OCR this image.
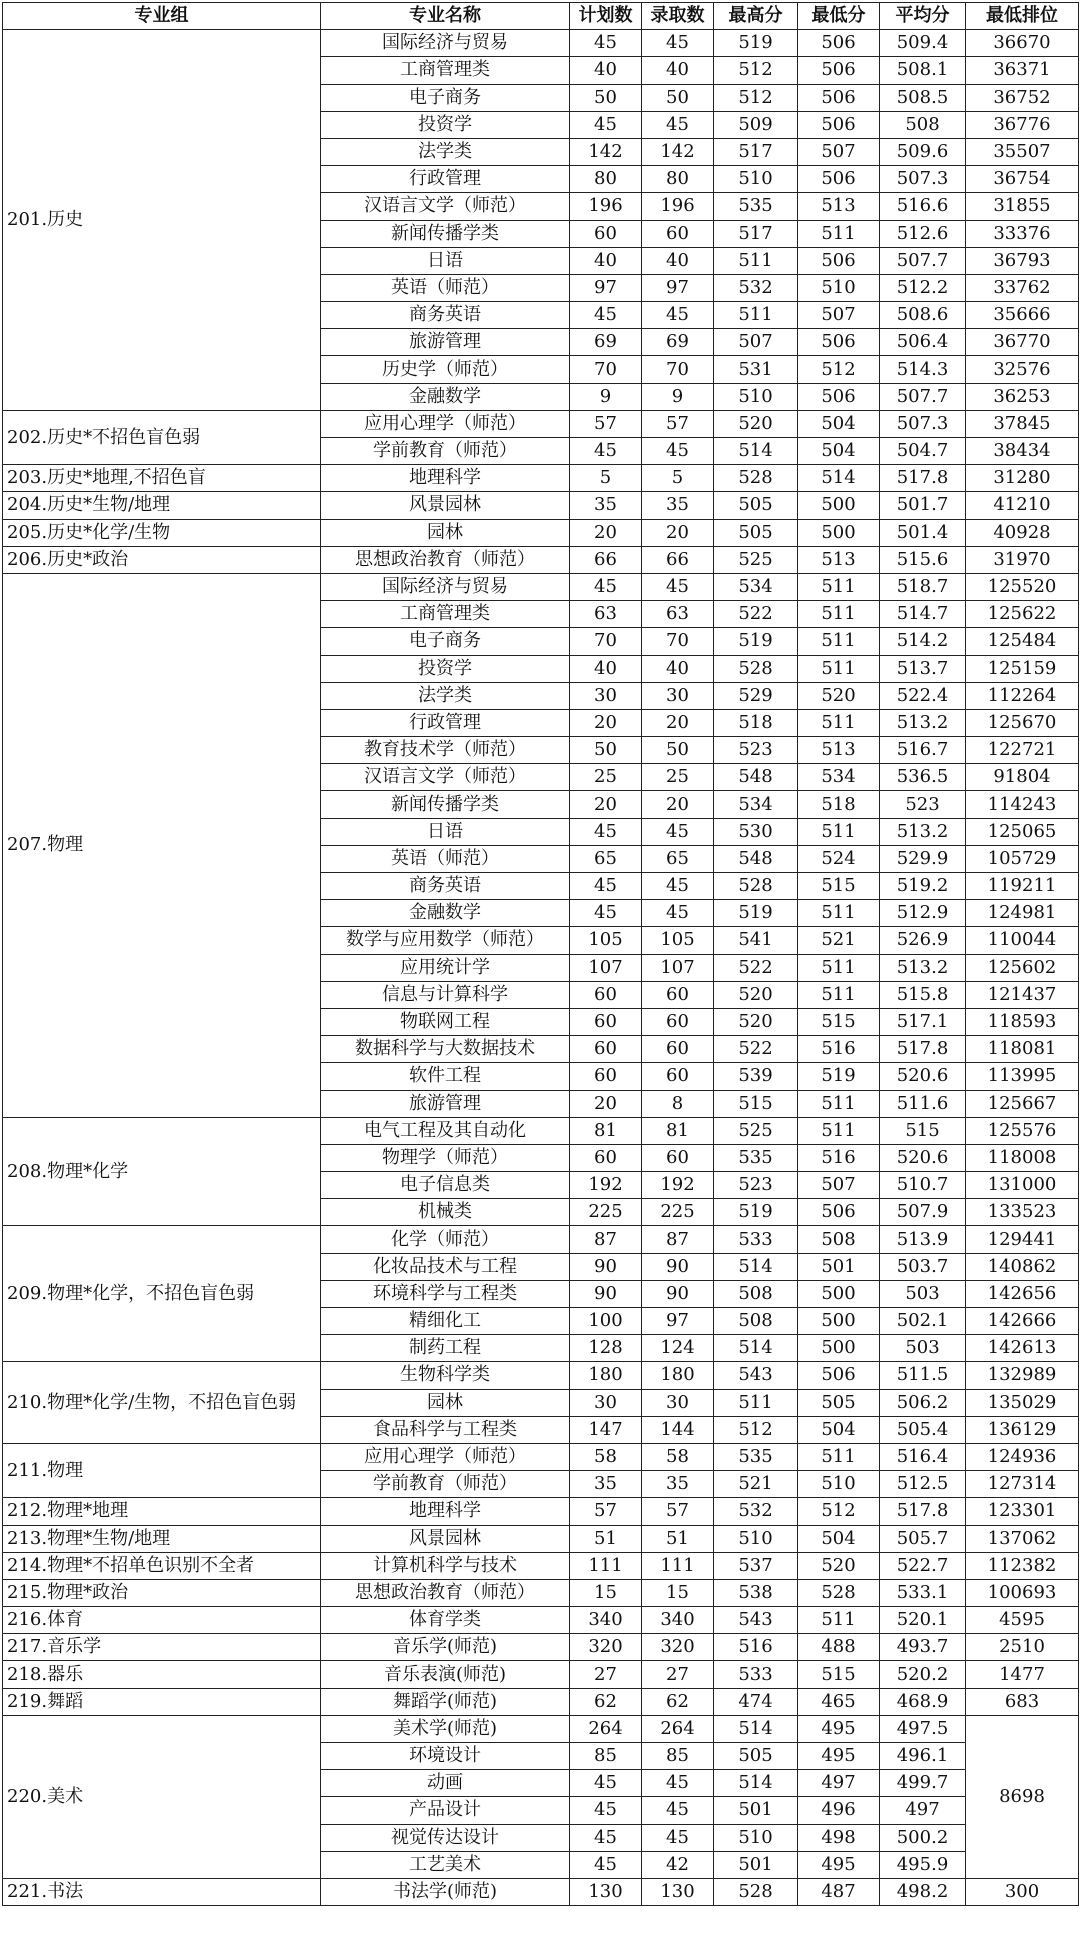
专业组	专业名称	计划数	录取数	最高分	最低分	平均分	最低排位
201.历史	国际经济与贸易	45	45	519	506	509.4	36670
	工商管理类	40	40	512	506	508.1	36371
	电子商务	50	50	512	506	508.5	36752
	投资学	45	45	509	506	508	36776
	法学类	142	142	517	507	509.6	35507
	行政管理	80	80	510	506	507.3	36754
	汉语言文学（师范）	196	196	535	513	516.6	31855
	新闻传播学类	60	60	517	511	512.6	33376
	日语	40	40	511	506	507.7	36793
	英语（师范）	97	97	532	510	512.2	33762
	商务英语	45	45	511	507	508.6	35666
	旅游管理	69	69	507	506	506.4	36770
	历史学（师范）	70	70	531	512	514.3	32576
	金融数学	9	9	510	506	507.7	36253
202.历史*不招色盲色弱	应用心理学（师范）	57	57	520	504	507.3	37845
	学前教育（师范）	45	45	514	504	504.7	38434
203.历史*地理,不招色盲	地理科学	5	5	528	514	517.8	31280
204.历史*生物/地理	风景园林	35	35	505	500	501.7	41210
205.历史*化学/生物	园林	20	20	505	500	501.4	40928
206.历史*政治	思想政治教育（师范）	66	66	525	513	515.6	31970
207.物理	国际经济与贸易	45	45	534	511	518.7	125520
	工商管理类	63	63	522	511	514.7	125622
	电子商务	70	70	519	511	514.2	125484
	投资学	40	40	528	511	513.7	125159
	法学类	30	30	529	520	522.4	112264
	行政管理	20	20	518	511	513.2	125670
	教育技术学（师范）	50	50	523	513	516.7	122721
	汉语言文学（师范）	25	25	548	534	536.5	91804
	新闻传播学类	20	20	534	518	523	114243
	日语	45	45	530	511	513.2	125065
	英语（师范）	65	65	548	524	529.9	105729
	商务英语	45	45	528	515	519.2	119211
	金融数学	45	45	519	511	512.9	124981
	数学与应用数学（师范）	105	105	541	521	526.9	110044
	应用统计学	107	107	522	511	513.2	125602
	信息与计算科学	60	60	520	511	515.8	121437
	物联网工程	60	60	520	515	517.1	118593
	数据科学与大数据技术	60	60	522	516	517.8	118081
	软件工程	60	60	539	519	520.6	113995
	旅游管理	20	8	515	511	511.6	125667
208.物理*化学	电气工程及其自动化	81	81	525	511	515	125576
	物理学（师范）	60	60	535	516	520.6	118008
	电子信息类	192	192	523	507	510.7	131000
	机械类	225	225	519	506	507.9	133523
209.物理*化学，不招色盲色弱	化学（师范）	87	87	533	508	513.9	129441
	化妆品技术与工程	90	90	514	501	503.7	140862
	环境科学与工程类	90	90	508	500	503	142656
	精细化工	100	97	508	500	502.1	142666
	制药工程	128	124	514	500	503	142613
210.物理*化学/生物，不招色盲色弱	生物科学类	180	180	543	506	511.5	132989
	园林	30	30	511	505	506.2	135029
	食品科学与工程类	147	144	512	504	505.4	136129
211.物理	应用心理学（师范）	58	58	535	511	516.4	124936
	学前教育（师范）	35	35	521	510	512.5	127314
212.物理*地理	地理科学	57	57	532	512	517.8	123301
213.物理*生物/地理	风景园林	51	51	510	504	505.7	137062
214.物理*不招单色识别不全者	计算机科学与技术	111	111	537	520	522.7	112382
215.物理*政治	思想政治教育（师范）	15	15	538	528	533.1	100693
216.体育	体育学类	340	340	543	511	520.1	4595
217.音乐学	音乐学(师范)	320	320	516	488	493.7	2510
218.器乐	音乐表演(师范)	27	27	533	515	520.2	1477
219.舞蹈	舞蹈学(师范)	62	62	474	465	468.9	683
220.美术	美术学(师范)	264	264	514	495	497.5	8698
	环境设计	85	85	505	495	496.1	
	动画	45	45	514	497	499.7	
	产品设计	45	45	501	496	497	
	视觉传达设计	45	45	510	498	500.2	
	工艺美术	45	42	501	495	495.9	
221.书法	书法学(师范)	130	130	528	487	498.2	300
